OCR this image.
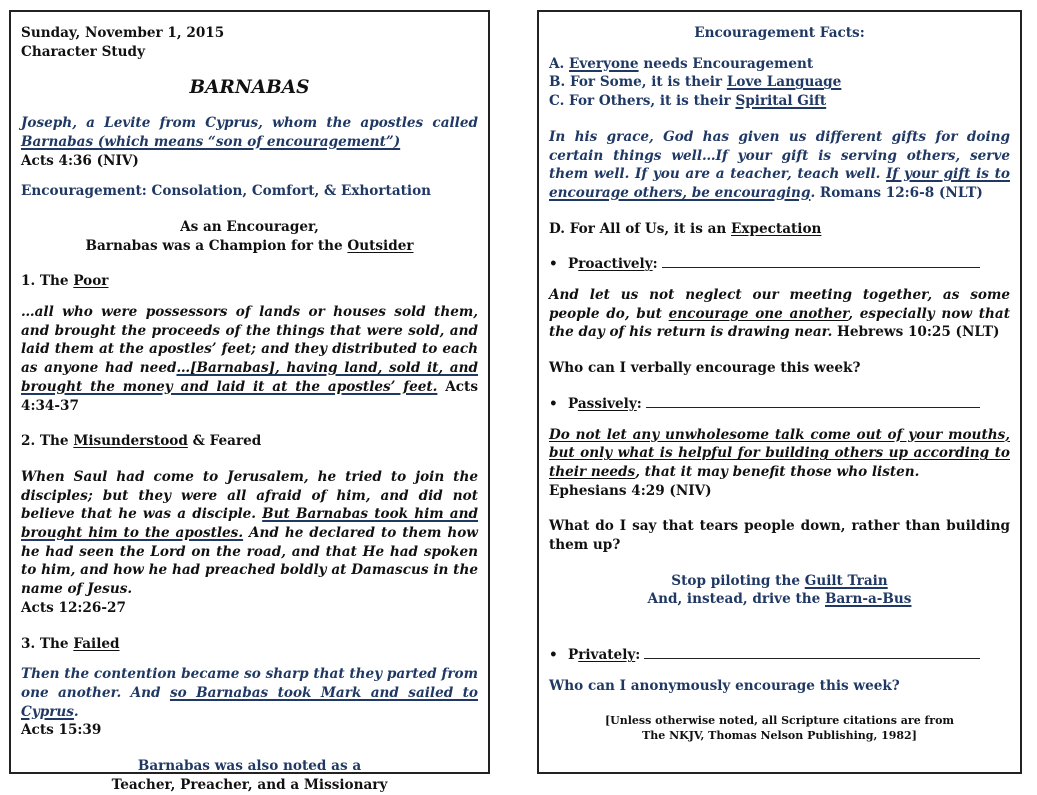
Sunday, November 1, 2015

Character Study

BARNABAS

Joseph, a Levite from Cyprus, whom the apostles called Barnabas (which means “son of encouragement”)

Acts 4:36 (NIV)

Encouragement: Consolation, Comfort, & Exhortation

As an Encourager,

Barnabas was a Champion for the Outsider

1. The Poor

…all who were possessors of lands or houses sold them, and brought the proceeds of the things that were sold, and laid them at the apostles’ feet; and they distributed to each as anyone had need…[Barnabas], having land, sold it, and brought the money and laid it at the apostles’ feet. Acts 4:34-37

2. The Misunderstood & Feared

When Saul had come to Jerusalem, he tried to join the disciples; but they were all afraid of him, and did not believe that he was a disciple. But Barnabas took him and brought him to the apostles. And he declared to them how he had seen the Lord on the road, and that He had spoken to him, and how he had preached boldly at Damascus in the name of Jesus.

Acts 12:26-27

3. The Failed

Then the contention became so sharp that they parted from one another. And so Barnabas took Mark and sailed to Cyprus.

Acts 15:39

Barnabas was also noted as a

Teacher, Preacher, and a Missionary

Encouragement Facts:

A. Everyone needs Encouragement

B. For Some, it is their Love Language

C. For Others, it is their Spirital Gift

In his grace, God has given us different gifts for doing certain things well…If your gift is serving others, serve them well. If you are a teacher, teach well. If your gift is to encourage others, be encouraging. Romans 12:6-8 (NLT)

D. For All of Us, it is an Expectation

• Proactively:

And let us not neglect our meeting together, as some people do, but encourage one another, especially now that the day of his return is drawing near. Hebrews 10:25 (NLT)

Who can I verbally encourage this week?

• Passively:

Do not let any unwholesome talk come out of your mouths, but only what is helpful for building others up according to their needs, that it may benefit those who listen.

Ephesians 4:29 (NIV)

What do I say that tears people down, rather than building them up?

Stop piloting the Guilt Train

And, instead, drive the Barn-a-Bus

• Privately:

Who can I anonymously encourage this week?

[Unless otherwise noted, all Scripture citations are from

The NKJV, Thomas Nelson Publishing, 1982]
